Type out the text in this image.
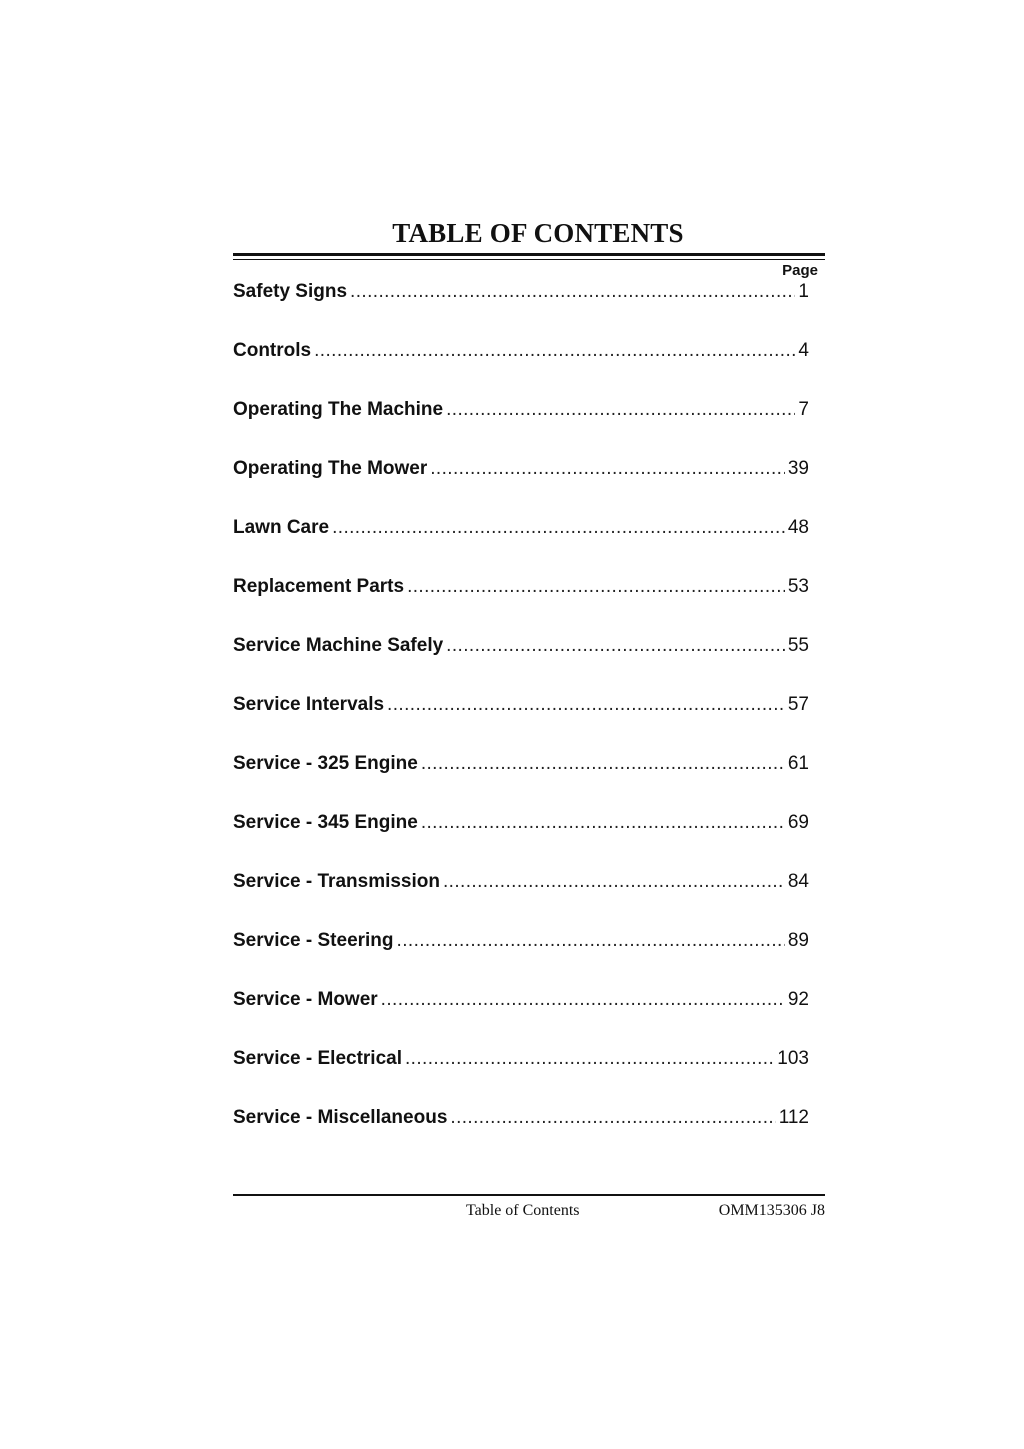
TABLE OF CONTENTS
Page
Safety Signs .....	1
Controls .....	4
Operating The Machine .....	7
Operating The Mower .....	39
Lawn Care .....	48
Replacement Parts .....	53
Service Machine Safely .....	55
Service Intervals .....	57
Service - 325 Engine .....	61
Service - 345 Engine .....	69
Service - Transmission .....	84
Service - Steering .....	89
Service - Mower .....	92
Service - Electrical .....	103
Service - Miscellaneous .....	112
Table of Contents	OMM135306 J8
